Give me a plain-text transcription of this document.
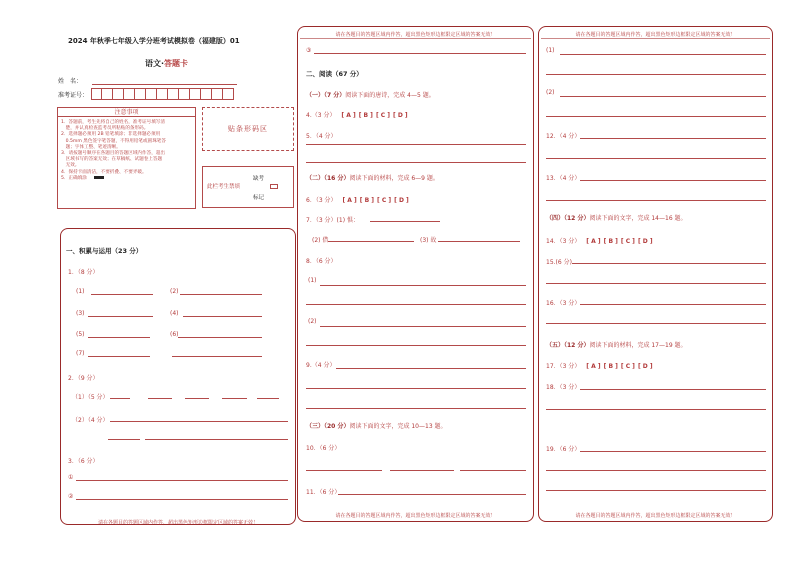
2024 年秋季七年级入学分班考试模拟卷（福建版）01
语文·答题卡
姓　名：
准考证号：
注意事项
1．答题前，考生先将自己的姓名，准考证号填写清
　楚，并认真检查监考员所粘贴的条形码。
2．选择题必须用 2B 铅笔填涂；非选择题必须用
　0.5mm 黑色签字笔答题，不得用铅笔或圆珠笔答
　题；字体工整、笔迹清晰。
3．请按题号顺序在各题目的答题区域内作答，超出
　区域书写的答案无效；在草稿纸、试题卷上答题
　无效。
4．保持卡面清洁，不要折叠、不要弄破。
5．正确填涂
贴条形码区
此栏考生禁填
缺考
标记
一、积累与运用（23 分）
1．（8 分）
(1)	(2)
(3)	(4)
(5)	(6)
(7)
2．（9 分）
（1）（5 分）
（2）（4 分）
3．（6 分）
①
②
请在各题目的答题区域内作答，超出黑色矩形边框限定区域的答案无效！
请在各题目的答题区域内作答，超出黑色矩形边框限定区域的答案无效！
③
二、阅读（67 分）
（一）（7 分）阅读下面的唐诗，完成 4—5 题。
4.（3 分） [ A ] [ B ] [ C ] [ D ]
5．（4 分）
（二）（16 分）阅读下面的材料，完成 6—9 题。
6．（3 分） [ A ] [ B ] [ C ] [ D ]
7．（3 分）(1) 惧：
(2) 借	(3) 故
8．（6 分）
(1)
(2)
9.（4 分）
（三）（20 分）阅读下面的文字，完成 10—13 题。
10．（6 分）
11．（6 分）
请在各题目的答题区域内作答，超出黑色矩形边框限定区域的答案无效！
请在各题目的答题区域内作答，超出黑色矩形边框限定区域的答案无效！
(1)
(2)
12．（4 分）
13．（4 分）
（四）（12 分）阅读下面的文字，完成 14—16 题。
14．（3 分） [ A ] [ B ] [ C ] [ D ]
15.(6 分)
16．（3 分）
（五）（12 分）阅读下面的材料，完成 17—19 题。
17．（3 分） [ A ] [ B ] [ C ] [ D ]
18．（3 分）
19．（6 分）
请在各题目的答题区域内作答，超出黑色矩形边框限定区域的答案无效！
